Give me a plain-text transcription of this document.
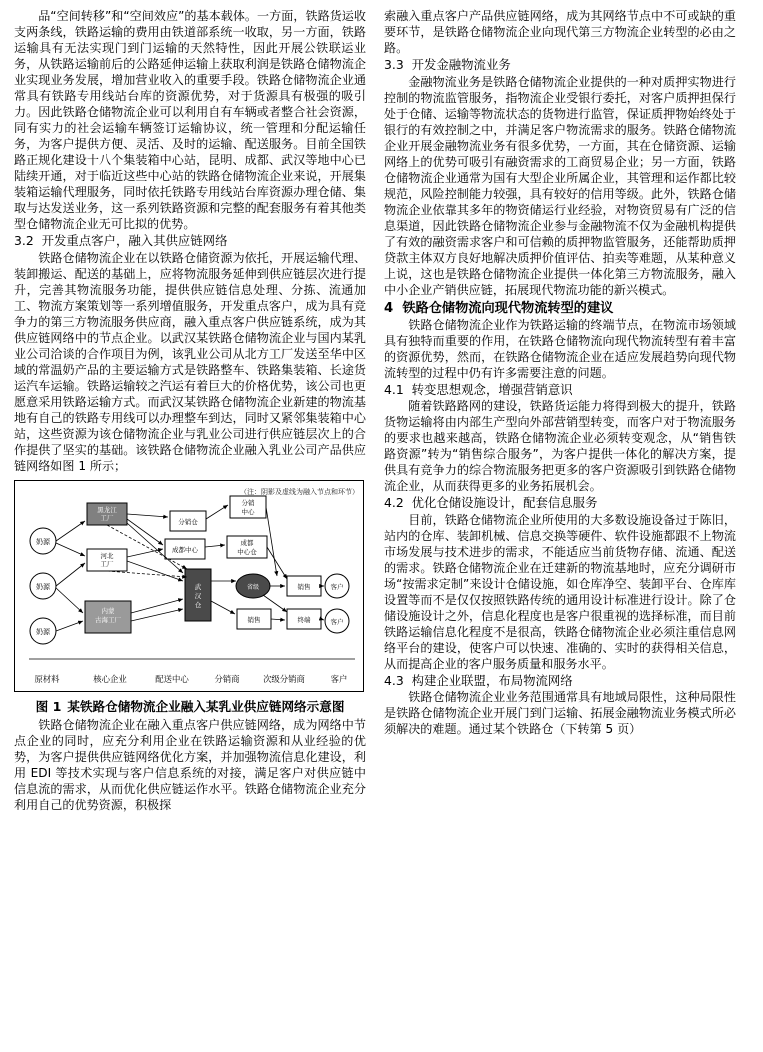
品“空间转移”和“空间效应”的基本载体。一方面，铁路货运收支两条线，铁路运输的费用由铁道部系统一收取，另一方面，铁路运输具有无法实现门到门运输的天然特性，因此开展公铁联运业务，从铁路运输前后的公路延伸运输上获取利润是铁路仓储物流企业实现业务发展，增加营业收入的重要手段。铁路仓储物流企业通常具有铁路专用线站台库的资源优势，对于货源具有极强的吸引力。因此铁路仓储物流企业可以利用自有车辆或者整合社会资源，同有实力的社会运输车辆签订运输协议，统一管理和分配运输任务，为客户提供方便、灵活、及时的运输、配送服务。目前全国铁路正规化建设十八个集装箱中心站，昆明、成都、武汉等地中心已陆续开通，对于临近这些中心站的铁路仓储物流企业来说，开展集装箱运输代理服务，同时依托铁路专用线站台库资源办理仓储、集取与达发送业务，这一系列铁路资源和完整的配套服务有着其他类型仓储物流企业无可比拟的优势。

3.2 开发重点客户，融入其供应链网络

铁路仓储物流企业在以铁路仓储资源为依托，开展运输代理、装卸搬运、配送的基础上，应将物流服务延伸到供应链层次进行提升，完善其物流服务功能，提供供应链信息处理、分拣、流通加工、物流方案策划等一系列增值服务，开发重点客户，成为具有竞争力的第三方物流服务供应商，融入重点客户供应链系统，成为其供应链网络中的节点企业。以武汉某铁路仓储物流企业与国内某乳业公司洽谈的合作项目为例，该乳业公司从北方工厂发送至华中区域的常温奶产品的主要运输方式是铁路整车、铁路集装箱、长途货运汽车运输。铁路运输较之汽运有着巨大的价格优势，该公司也更愿意采用铁路运输方式。而武汉某铁路仓储物流企业新建的物流基地有自己的铁路专用线可以办理整车到达，同时又紧邻集装箱中心站，这些资源为该仓储物流企业与乳业公司进行供应链层次上的合作提供了坚实的基础。该铁路仓储物流企业融入乳业公司产品供应链网络如图 1 所示；

（注：阴影及虚线为融入节点和环节）
奶源
奶源
奶源
黑龙江
工厂
河北
工厂
内蒙
古海工厂
武
汉
仓
分销仓
成都中心
分销
中心
成都
中心仓
省级
销售
销售
终端
客户
客户
原材料	核心企业	配送中心	分销商	次级分销商	客户
图 1 某铁路仓储物流企业融入某乳业供应链网络示意图

铁路仓储物流企业在融入重点客户供应链网络，成为网络中节点企业的同时，应充分利用企业在铁路运输资源和从业经验的优势，为客户提供供应链网络优化方案，并加强物流信息化建设，利用 EDI 等技术实现与客户信息系统的对接，满足客户对供应链中信息流的需求，从而优化供应链运作水平。铁路仓储物流企业充分利用自己的优势资源，积极探

索融入重点客户产品供应链网络，成为其网络节点中不可或缺的重要环节，是铁路仓储物流企业向现代第三方物流企业转型的必由之路。

3.3 开发金融物流业务

金融物流业务是铁路仓储物流企业提供的一种对质押实物进行控制的物流监管服务，指物流企业受银行委托，对客户质押担保行处于仓储、运输等物流状态的货物进行监管，保证质押物始终处于银行的有效控制之中，并满足客户物流需求的服务。铁路仓储物流企业开展金融物流业务有很多优势，一方面，其在仓储资源、运输网络上的优势可吸引有融资需求的工商贸易企业；另一方面，铁路仓储物流企业通常为国有大型企业所属企业，其管理和运作都比较规范，风险控制能力较强，具有较好的信用等级。此外，铁路仓储物流企业依靠其多年的物资储运行业经验，对物资贸易有广泛的信息渠道，因此铁路仓储物流企业参与金融物流不仅为金融机构提供了有效的融资需求客户和可信赖的质押物监管服务，还能帮助质押贷款主体双方良好地解决质押价值评估、拍卖等难题，从某种意义上说，这也是铁路仓储物流企业提供一体化第三方物流服务，融入中小企业产销供应链，拓展现代物流功能的新兴模式。

4 铁路仓储物流向现代物流转型的建议

铁路仓储物流企业作为铁路运输的终端节点，在物流市场领域具有独特而重要的作用，在铁路仓储物流向现代物流转型有着丰富的资源优势，然而，在铁路仓储物流企业在适应发展趋势向现代物流转型的过程中仍有许多需要注意的问题。

4.1 转变思想观念，增强营销意识

随着铁路路网的建设，铁路货运能力将得到极大的提升，铁路货物运输将由内部生产型向外部营销型转变，而客户对于物流服务的要求也越来越高，铁路仓储物流企业必须转变观念，从“销售铁路资源”转为“销售综合服务”，为客户提供一体化的解决方案，提供具有竞争力的综合物流服务把更多的客户资源吸引到铁路仓储物流企业，从而获得更多的业务拓展机会。

4.2 优化仓储设施设计，配套信息服务

目前，铁路仓储物流企业所使用的大多数设施设备过于陈旧，站内的仓库、装卸机械、信息交换等硬件、软件设施都跟不上物流市场发展与技术进步的需求，不能适应当前货物存储、流通、配送的需求。铁路仓储物流企业在迁建新的物流基地时，应充分调研市场“按需求定制”来设计仓储设施，如仓库净空、装卸平台、仓库库设置等而不是仅仅按照铁路传统的通用设计标准进行设计。除了仓储设施设计之外，信息化程度也是客户很重视的选择标准，而目前铁路运输信息化程度不是很高，铁路仓储物流企业必须注重信息网络平台的建设，使客户可以快速、准确的、实时的获得相关信息，从而提高企业的客户服务质量和服务水平。

4.3 构建企业联盟，布局物流网络

铁路仓储物流企业业务范围通常具有地域局限性，这种局限性是铁路仓储物流企业开展门到门运输、拓展金融物流业务模式所必须解决的难题。通过某个铁路仓（下转第 5 页）
